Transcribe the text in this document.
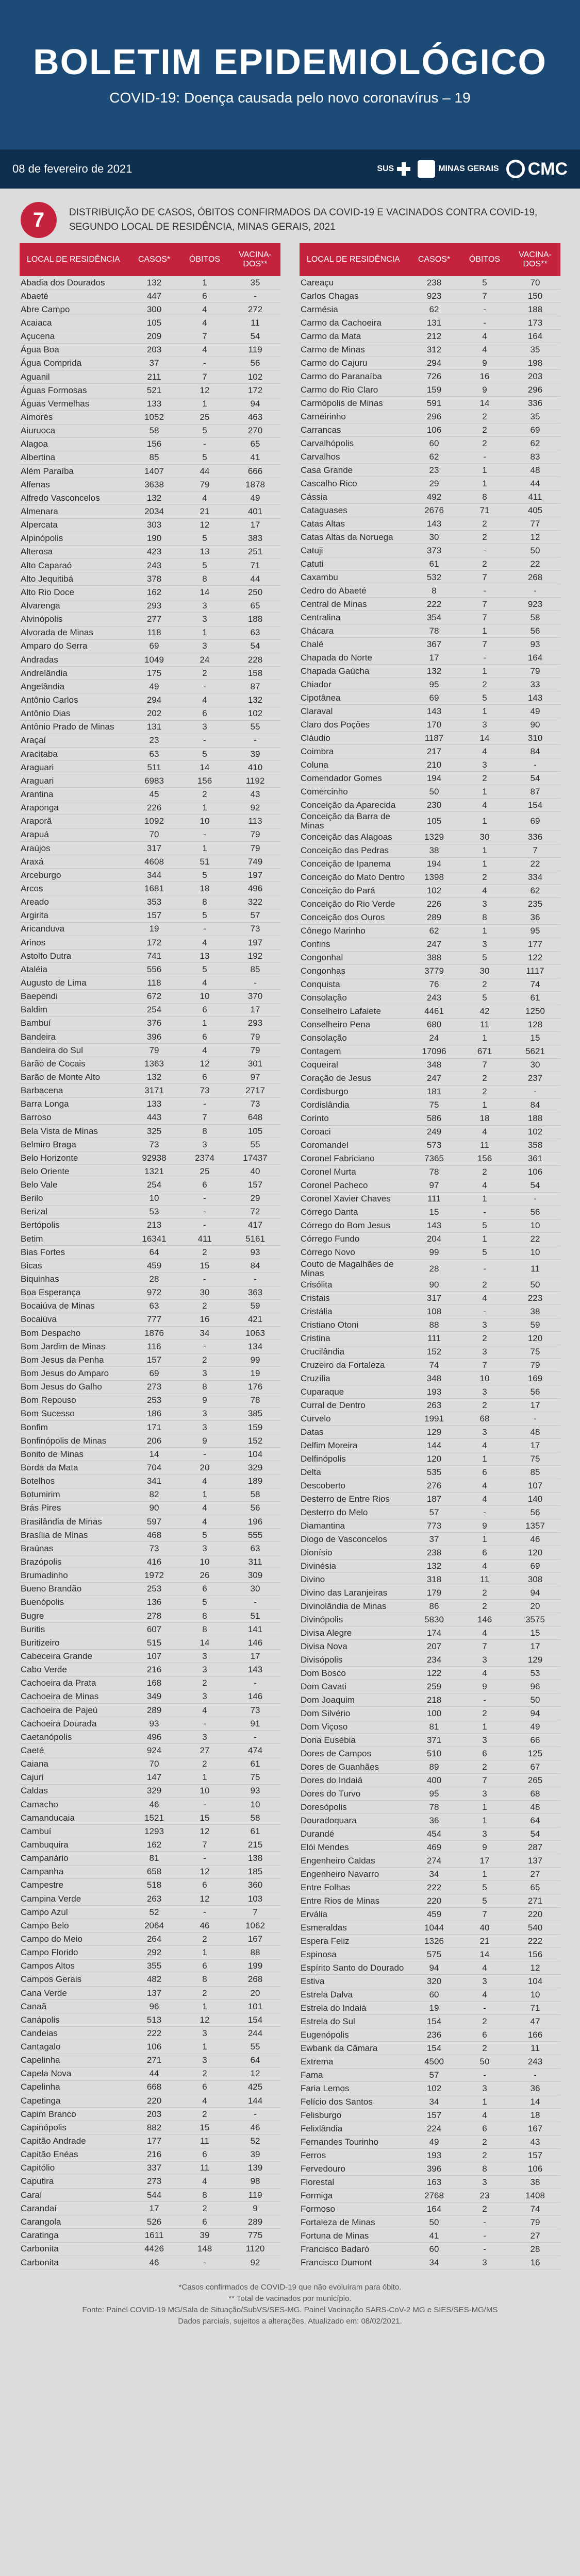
BOLETIM EPIDEMIOLÓGICO
COVID-19: Doença causada pelo novo coronavírus – 19
08 de fevereiro de 2021	SUS	MINAS GERAIS CMC
7	DISTRIBUIÇÃO DE CASOS, ÓBITOS CONFIRMADOS DA COVID-19 E VACINADOS CONTRA COVID-19, SEGUNDO LOCAL DE RESIDÊNCIA, MINAS GERAIS, 2021
LOCAL DE RESIDÊNCIA	CASOS*	ÓBITOS	VACINA-DOS**
Abadia dos Dourados	132	1	35
Abaeté	447	6	-
Abre Campo	300	4	272
Acaiaca	105	4	11
Açucena	209	7	54
Água Boa	203	4	119
Água Comprida	37	-	56
Aguanil	211	7	102
Águas Formosas	521	12	172
Águas Vermelhas	133	1	94
Aimorés	1052	25	463
Aiuruoca	58	5	270
Alagoa	156	-	65
Albertina	85	5	41
Além Paraíba	1407	44	666
Alfenas	3638	79	1878
Alfredo Vasconcelos	132	4	49
Almenara	2034	21	401
Alpercata	303	12	17
Alpinópolis	190	5	383
Alterosa	423	13	251
Alto Caparaó	243	5	71
Alto Jequitibá	378	8	44
Alto Rio Doce	162	14	250
Alvarenga	293	3	65
Alvinópolis	277	3	188
Alvorada de Minas	118	1	63
Amparo do Serra	69	3	54
Andradas	1049	24	228
Andrelândia	175	2	158
Angelândia	49	-	87
Antônio Carlos	294	4	132
Antônio Dias	202	6	102
Antônio Prado de Minas	131	3	55
Araçaí	23	-	-
Aracitaba	63	5	39
Araguari	511	14	410
Araguari	6983	156	1192
Arantina	45	2	43
Araponga	226	1	92
Araporã	1092	10	113
Arapuá	70	-	79
Araújos	317	1	79
Araxá	4608	51	749
Arceburgo	344	5	197
Arcos	1681	18	496
Areado	353	8	322
Argirita	157	5	57
Aricanduva	19	-	73
Arinos	172	4	197
Astolfo Dutra	741	13	192
Ataléia	556	5	85
Augusto de Lima	118	4	-
Baependi	672	10	370
Baldim	254	6	17
Bambuí	376	1	293
Bandeira	396	6	79
Bandeira do Sul	79	4	79
Barão de Cocais	1363	12	301
Barão de Monte Alto	132	6	97
Barbacena	3171	73	2717
Barra Longa	133	-	73
Barroso	443	7	648
Bela Vista de Minas	325	8	105
Belmiro Braga	73	3	55
Belo Horizonte	92938	2374	17437
Belo Oriente	1321	25	40
Belo Vale	254	6	157
Berilo	10	-	29
Berizal	53	-	72
Bertópolis	213	-	417
Betim	16341	411	5161
Bias Fortes	64	2	93
Bicas	459	15	84
Biquinhas	28	-	-
Boa Esperança	972	30	363
Bocaiúva de Minas	63	2	59
Bocaiúva	777	16	421
Bom Despacho	1876	34	1063
Bom Jardim de Minas	116	-	134
Bom Jesus da Penha	157	2	99
Bom Jesus do Amparo	69	3	19
Bom Jesus do Galho	273	8	176
Bom Repouso	253	9	78
Bom Sucesso	186	3	385
Bonfim	171	3	159
Bonfinópolis de Minas	206	9	152
Bonito de Minas	14	-	104
Borda da Mata	704	20	329
Botelhos	341	4	189
Botumirim	82	1	58
Brás Pires	90	4	56
Brasilândia de Minas	597	4	196
Brasília de Minas	468	5	555
Braúnas	73	3	63
Brazópolis	416	10	311
Brumadinho	1972	26	309
Bueno Brandão	253	6	30
Buenópolis	136	5	-
Bugre	278	8	51
Buritis	607	8	141
Buritizeiro	515	14	146
Cabeceira Grande	107	3	17
Cabo Verde	216	3	143
Cachoeira da Prata	168	2	-
Cachoeira de Minas	349	3	146
Cachoeira de Pajeú	289	4	73
Cachoeira Dourada	93	-	91
Caetanópolis	496	3	-
Caeté	924	27	474
Caiana	70	2	61
Cajuri	147	1	75
Caldas	329	10	93
Camacho	46	-	10
Camanducaia	1521	15	58
Cambuí	1293	12	61
Cambuquira	162	7	215
Campanário	81	-	138
Campanha	658	12	185
Campestre	518	6	360
Campina Verde	263	12	103
Campo Azul	52	-	7
Campo Belo	2064	46	1062
Campo do Meio	264	2	167
Campo Florido	292	1	88
Campos Altos	355	6	199
Campos Gerais	482	8	268
Cana Verde	137	2	20
Canaã	96	1	101
Canápolis	513	12	154
Candeias	222	3	244
Cantagalo	106	1	55
Capelinha	271	3	64
Capela Nova	44	2	12
Capelinha	668	6	425
Capetinga	220	4	144
Capim Branco	203	2	-
Capinópolis	882	15	46
Capitão Andrade	177	11	52
Capitão Enéas	216	6	39
Capitólio	337	11	139
Caputira	273	4	98
Caraí	544	8	119
Carandaí	17	2	9
Carangola	526	6	289
Caratinga	1611	39	775
Carbonita	4426	148	1120
Carbonita	46	-	92
LOCAL DE RESIDÊNCIA	CASOS*	ÓBITOS	VACINA-DOS**
Careaçu	238	5	70
Carlos Chagas	923	7	150
Carmésia	62	-	188
Carmo da Cachoeira	131	-	173
Carmo da Mata	212	4	164
Carmo de Minas	312	4	35
Carmo do Cajuru	294	9	198
Carmo do Paranaíba	726	16	203
Carmo do Rio Claro	159	9	296
Carmópolis de Minas	591	14	336
Carneirinho	296	2	35
Carrancas	106	2	69
Carvalhópolis	60	2	62
Carvalhos	62	-	83
Casa Grande	23	1	48
Cascalho Rico	29	1	44
Cássia	492	8	411
Cataguases	2676	71	405
Catas Altas	143	2	77
Catas Altas da Noruega	30	2	12
Catuji	373	-	50
Catuti	61	2	22
Caxambu	532	7	268
Cedro do Abaeté	8	-	-
Central de Minas	222	7	923
Centralina	354	7	58
Chácara	78	1	56
Chalé	367	7	93
Chapada do Norte	17	-	164
Chapada Gaúcha	132	1	79
Chiador	95	2	33
Cipotânea	69	5	143
Claraval	143	1	49
Claro dos Poções	170	3	90
Cláudio	1187	14	310
Coimbra	217	4	84
Coluna	210	3	-
Comendador Gomes	194	2	54
Comercinho	50	1	87
Conceição da Aparecida	230	4	154
Conceição da Barra de Minas	105	1	69
Conceição das Alagoas	1329	30	336
Conceição das Pedras	38	1	7
Conceição de Ipanema	194	1	22
Conceição do Mato Dentro	1398	2	334
Conceição do Pará	102	4	62
Conceição do Rio Verde	226	3	235
Conceição dos Ouros	289	8	36
Cônego Marinho	62	1	95
Confins	247	3	177
Congonhal	388	5	122
Congonhas	3779	30	1117
Conquista	76	2	74
Consolação	243	5	61
Conselheiro Lafaiete	4461	42	1250
Conselheiro Pena	680	11	128
Consolação	24	1	15
Contagem	17096	671	5621
Coqueiral	348	7	30
Coração de Jesus	247	2	237
Cordisburgo	181	2	-
Cordislândia	75	1	84
Corinto	586	18	188
Coroaci	249	4	102
Coromandel	573	11	358
Coronel Fabriciano	7365	156	361
Coronel Murta	78	2	106
Coronel Pacheco	97	4	54
Coronel Xavier Chaves	111	1	-
Córrego Danta	15	-	56
Córrego do Bom Jesus	143	5	10
Córrego Fundo	204	1	22
Córrego Novo	99	5	10
Couto de Magalhães de Minas	28	-	11
Crisólita	90	2	50
Cristais	317	4	223
Cristália	108	-	38
Cristiano Otoni	88	3	59
Cristina	111	2	120
Crucilândia	152	3	75
Cruzeiro da Fortaleza	74	7	79
Cruzília	348	10	169
Cuparaque	193	3	56
Curral de Dentro	263	2	17
Curvelo	1991	68	-
Datas	129	3	48
Delfim Moreira	144	4	17
Delfinópolis	120	1	75
Delta	535	6	85
Descoberto	276	4	107
Desterro de Entre Rios	187	4	140
Desterro do Melo	57	-	56
Diamantina	773	9	1357
Diogo de Vasconcelos	37	1	46
Dionísio	238	6	120
Divinésia	132	4	69
Divino	318	11	308
Divino das Laranjeiras	179	2	94
Divinolândia de Minas	86	2	20
Divinópolis	5830	146	3575
Divisa Alegre	174	4	15
Divisa Nova	207	7	17
Divisópolis	234	3	129
Dom Bosco	122	4	53
Dom Cavati	259	9	96
Dom Joaquim	218	-	50
Dom Silvério	100	2	94
Dom Viçoso	81	1	49
Dona Eusébia	371	3	66
Dores de Campos	510	6	125
Dores de Guanhães	89	2	67
Dores do Indaiá	400	7	265
Dores do Turvo	95	3	68
Doresópolis	78	1	48
Douradoquara	36	1	64
Durandé	454	3	54
Elói Mendes	469	9	287
Engenheiro Caldas	274	17	137
Engenheiro Navarro	34	1	27
Entre Folhas	222	5	65
Entre Rios de Minas	220	5	271
Ervália	459	7	220
Esmeraldas	1044	40	540
Espera Feliz	1326	21	222
Espinosa	575	14	156
Espírito Santo do Dourado	94	4	12
Estiva	320	3	104
Estrela Dalva	60	4	10
Estrela do Indaiá	19	-	71
Estrela do Sul	154	2	47
Eugenópolis	236	6	166
Ewbank da Câmara	154	2	11
Extrema	4500	50	243
Fama	57	-	-
Faria Lemos	102	3	36
Felício dos Santos	34	1	14
Felisburgo	157	4	18
Felixlândia	224	6	167
Fernandes Tourinho	49	2	43
Ferros	193	2	157
Fervedouro	396	8	106
Florestal	163	3	38
Formiga	2768	23	1408
Formoso	164	2	74
Fortaleza de Minas	50	-	79
Fortuna de Minas	41	-	27
Francisco Badaró	60	-	28
Francisco Dumont	34	3	16
*Casos confirmados de COVID-19 que não evoluíram para óbito.
** Total de vacinados por município.
Fonte: Painel COVID-19 MG/Sala de Situação/SubVS/SES-MG. Painel Vacinação SARS-CoV-2 MG e SIES/SES-MG/MS
Dados parciais, sujeitos a alterações. Atualizado em: 08/02/2021.
